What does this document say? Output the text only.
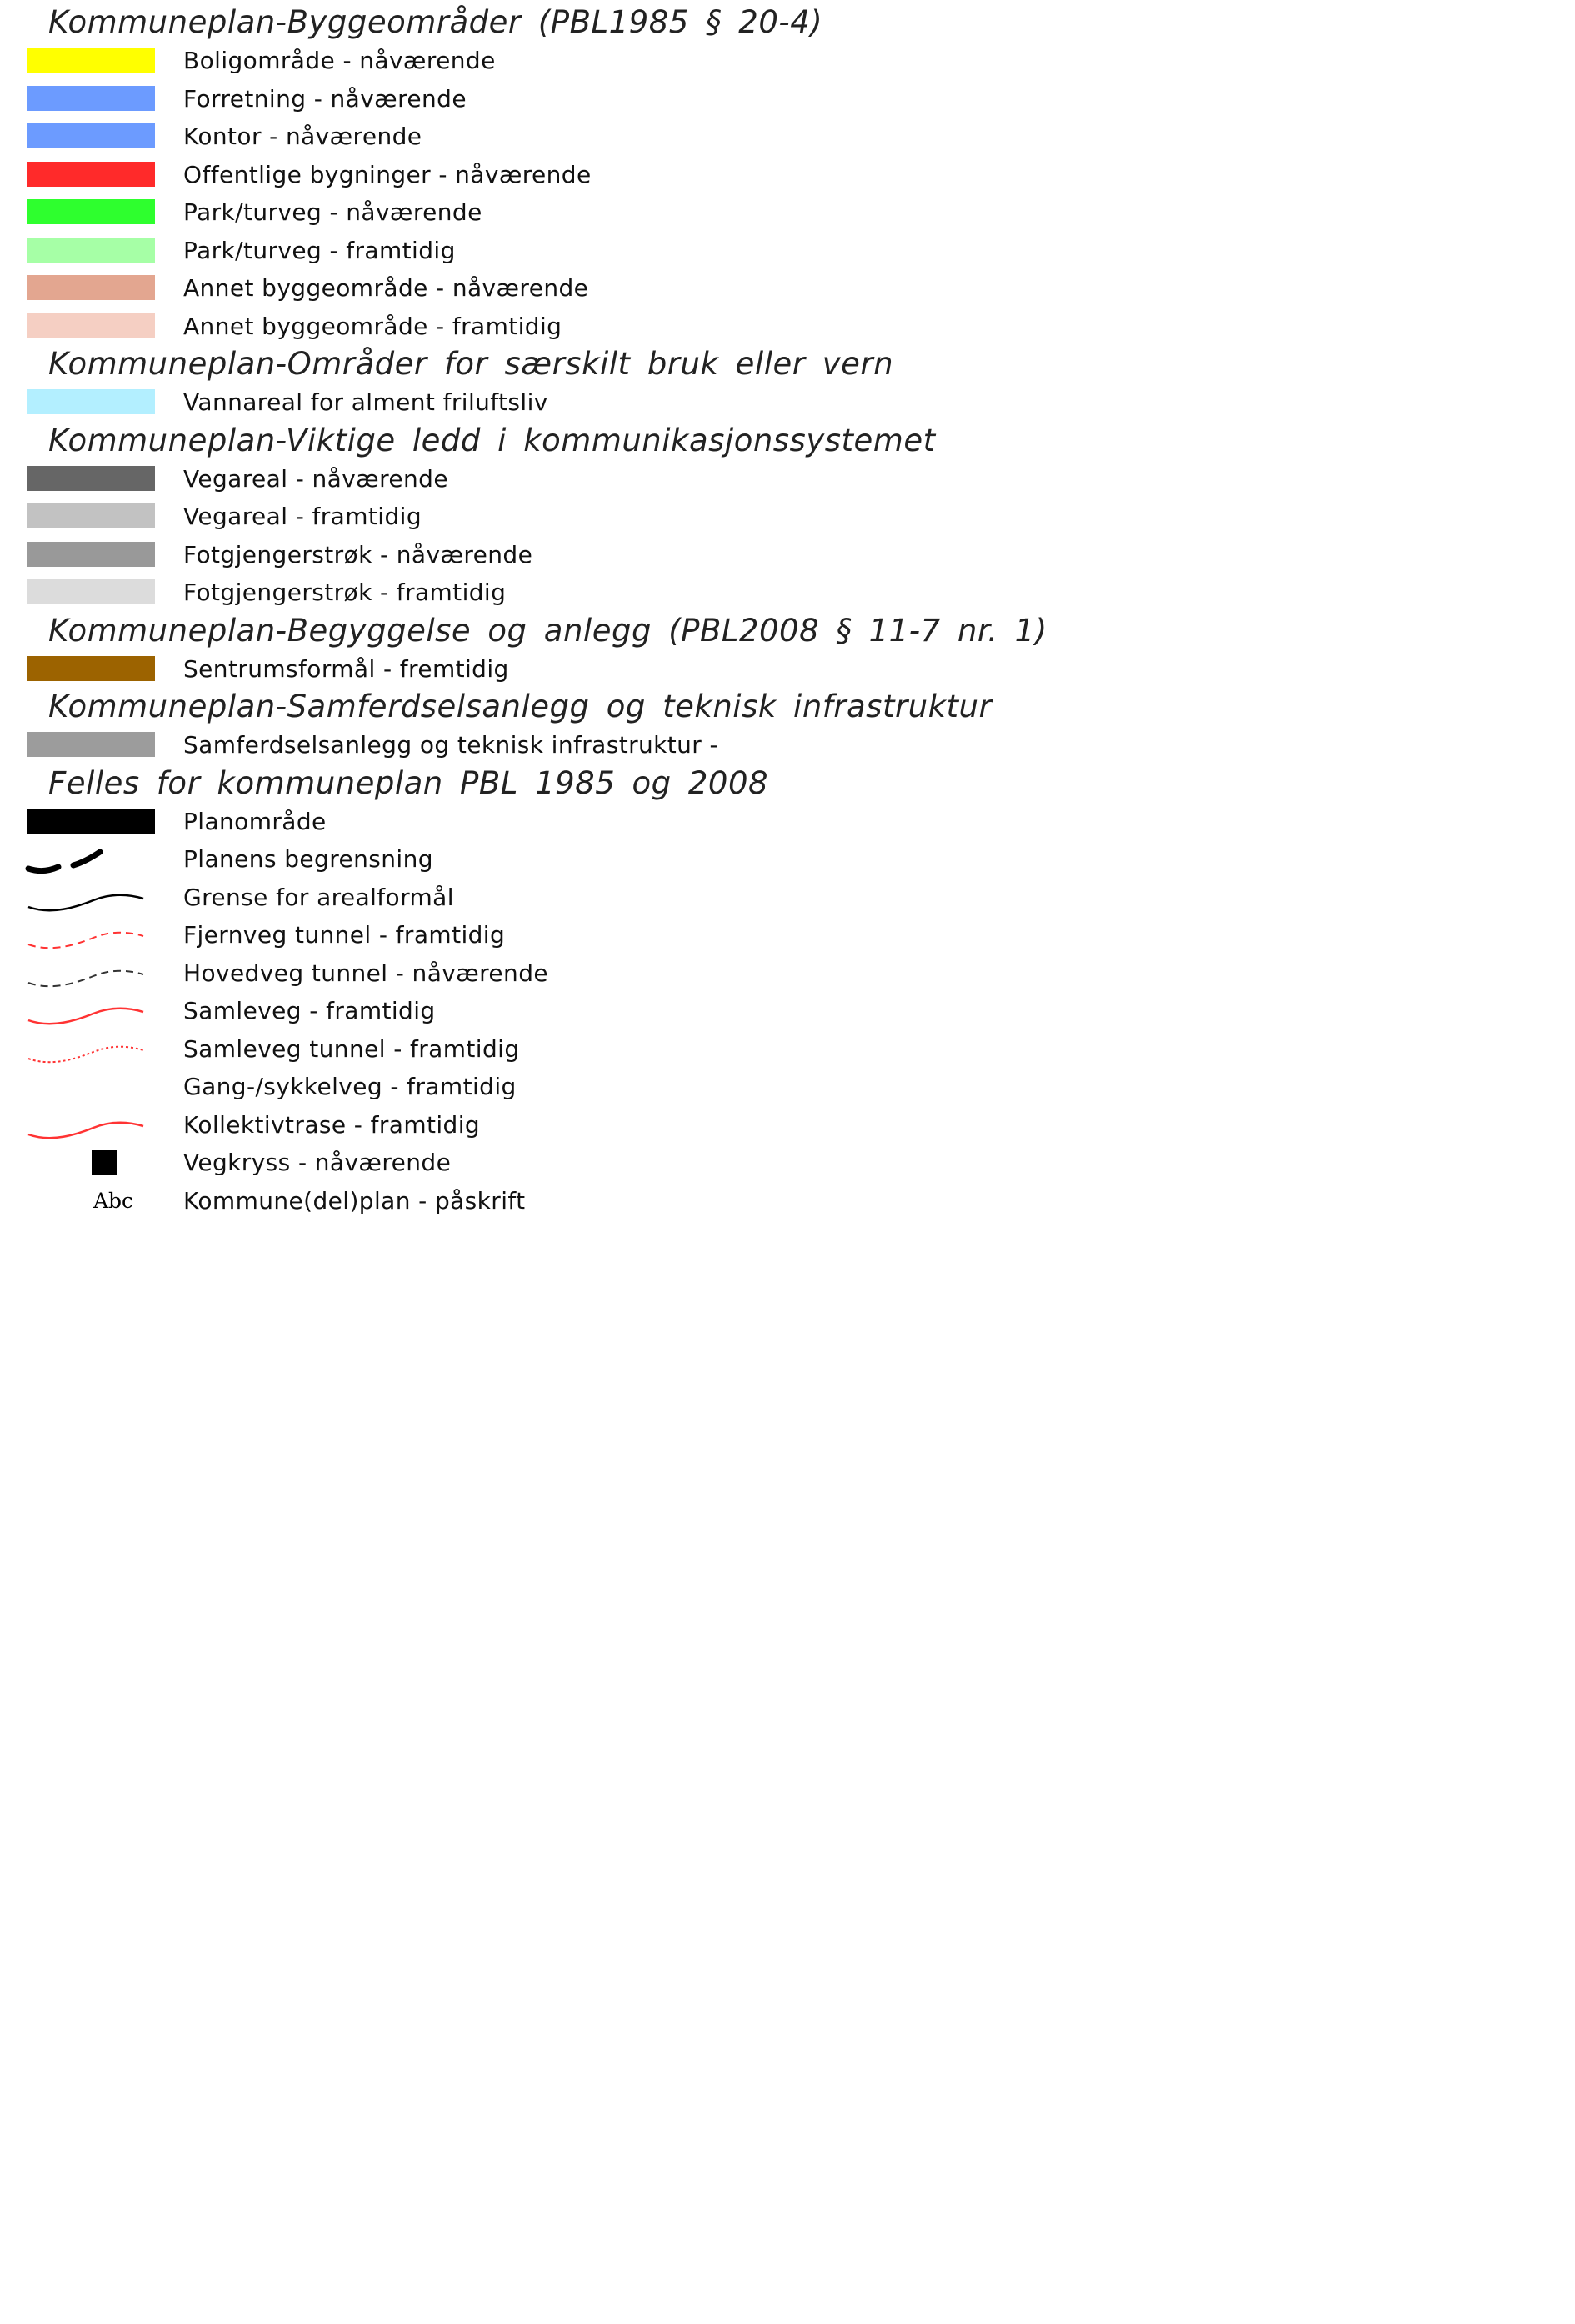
Kommuneplan-Byggeområder (PBL1985 § 20-4)
Boligområde - nåværende
Forretning - nåværende
Kontor - nåværende
Offentlige bygninger - nåværende
Park/turveg - nåværende
Park/turveg - framtidig
Annet byggeområde - nåværende
Annet byggeområde - framtidig
Kommuneplan-Områder for særskilt bruk eller vern
Vannareal for alment friluftsliv
Kommuneplan-Viktige ledd i kommunikasjonssystemet
Vegareal - nåværende
Vegareal - framtidig
Fotgjengerstrøk - nåværende
Fotgjengerstrøk - framtidig
Kommuneplan-Begyggelse og anlegg (PBL2008 § 11-7 nr. 1)
Sentrumsformål - fremtidig
Kommuneplan-Samferdselsanlegg og teknisk infrastruktur
Samferdselsanlegg og teknisk infrastruktur -
Felles for kommuneplan PBL 1985 og 2008
Planområde
Planens begrensning
Grense for arealformål
Fjernveg tunnel - framtidig
Hovedveg tunnel - nåværende
Samleveg - framtidig
Samleveg tunnel - framtidig
Gang-/sykkelveg - framtidig
Kollektivtrase - framtidig
Vegkryss - nåværende
Abc Kommune(del)plan - påskrift
